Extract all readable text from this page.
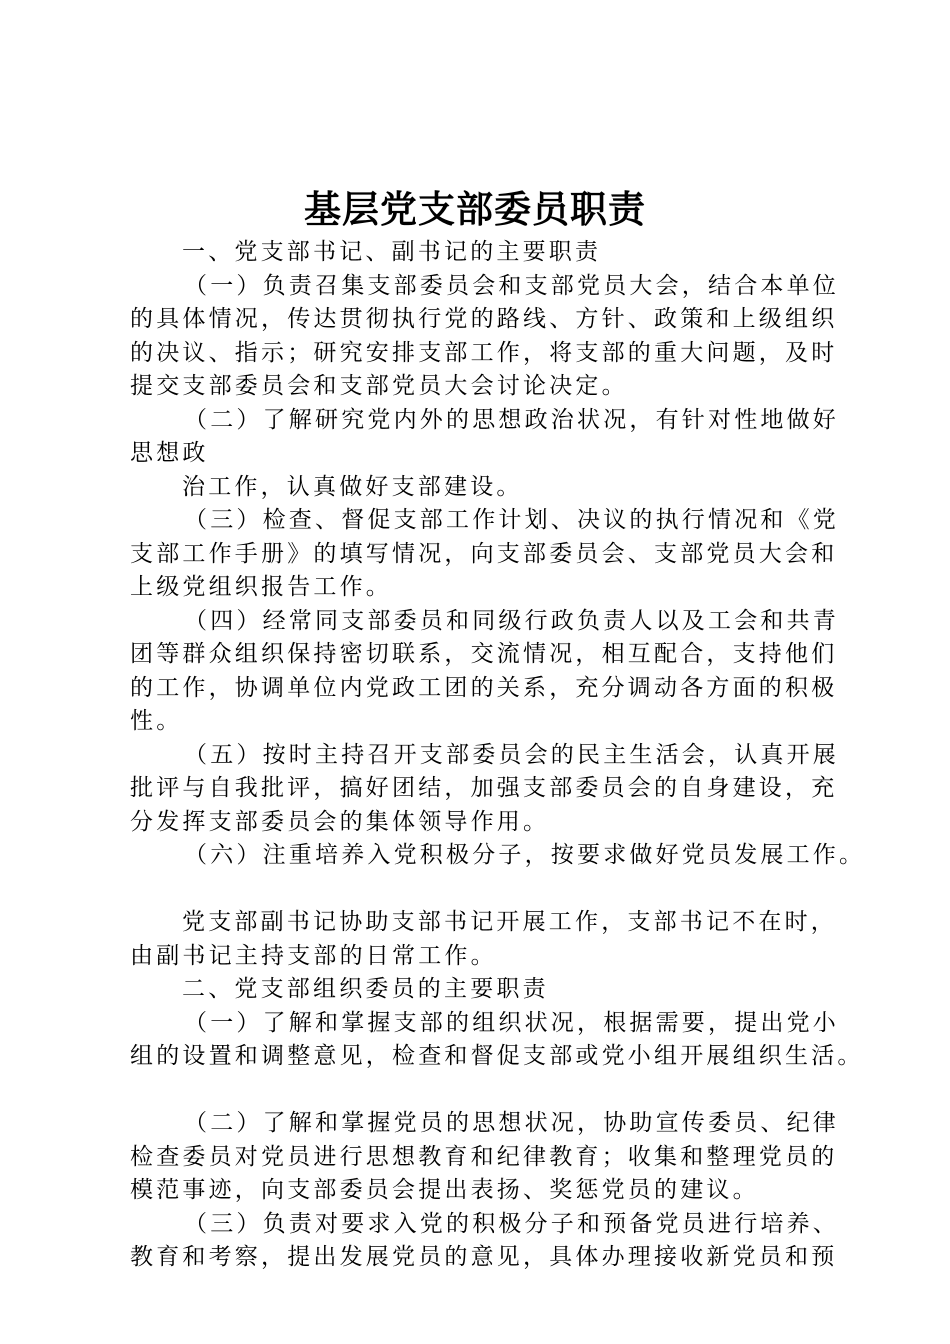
基层党支部委员职责

一、党支部书记、副书记的主要职责

（一）负责召集支部委员会和支部党员大会，结合本单位

的具体情况，传达贯彻执行党的路线、方针、政策和上级组织

的决议、指示；研究安排支部工作，将支部的重大问题，及时

提交支部委员会和支部党员大会讨论决定。

（二）了解研究党内外的思想政治状况，有针对性地做好

思想政

治工作，认真做好支部建设。

（三）检查、督促支部工作计划、决议的执行情况和《党

支部工作手册》的填写情况，向支部委员会、支部党员大会和

上级党组织报告工作。

（四）经常同支部委员和同级行政负责人以及工会和共青

团等群众组织保持密切联系，交流情况，相互配合，支持他们

的工作，协调单位内党政工团的关系，充分调动各方面的积极

性。

（五）按时主持召开支部委员会的民主生活会，认真开展

批评与自我批评，搞好团结，加强支部委员会的自身建设，充

分发挥支部委员会的集体领导作用。

（六）注重培养入党积极分子，按要求做好党员发展工作。

党支部副书记协助支部书记开展工作，支部书记不在时，

由副书记主持支部的日常工作。

二、党支部组织委员的主要职责

（一）了解和掌握支部的组织状况，根据需要，提出党小

组的设置和调整意见，检查和督促支部或党小组开展组织生活。

（二）了解和掌握党员的思想状况，协助宣传委员、纪律

检查委员对党员进行思想教育和纪律教育；收集和整理党员的

模范事迹，向支部委员会提出表扬、奖惩党员的建议。

（三）负责对要求入党的积极分子和预备党员进行培养、

教育和考察，提出发展党员的意见，具体办理接收新党员和预
